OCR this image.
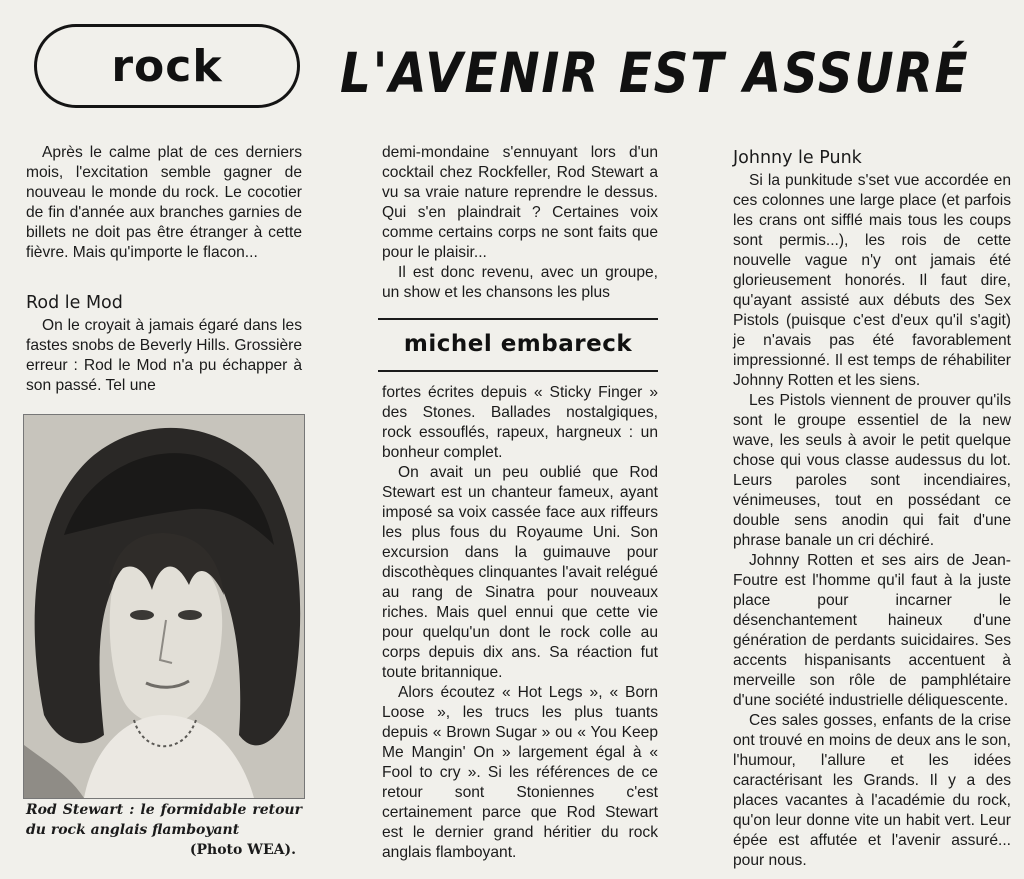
rock	L'AVENIR EST ASSURÉ

Après le calme plat de ces derniers mois, l'excitation semble gagner de nouveau le monde du rock. Le cocotier de fin d'année aux branches garnies de billets ne doit pas être étranger à cette fièvre. Mais qu'importe le flacon...

Rod le Mod

On le croyait à jamais égaré dans les fastes snobs de Beverly Hills. Grossière erreur : Rod le Mod n'a pu échapper à son passé. Tel une

Rod Stewart : le formidable retour du rock anglais flamboyant
(Photo WEA).

demi-mondaine s'ennuyant lors d'un cocktail chez Rockfeller, Rod Stewart a vu sa vraie nature reprendre le dessus. Qui s'en plaindrait ? Certaines voix comme certains corps ne sont faits que pour le plaisir...

Il est donc revenu, avec un groupe, un show et les chansons les plus

michel embareck

fortes écrites depuis « Sticky Finger » des Stones. Ballades nostalgiques, rock essouflés, rapeux, hargneux : un bonheur complet.

On avait un peu oublié que Rod Stewart est un chanteur fameux, ayant imposé sa voix cassée face aux riffeurs les plus fous du Royaume Uni. Son excursion dans la guimauve pour discothèques clinquantes l'avait relégué au rang de Sinatra pour nouveaux riches. Mais quel ennui que cette vie pour quelqu'un dont le rock colle au corps depuis dix ans. Sa réaction fut toute britannique.

Alors écoutez « Hot Legs », « Born Loose », les trucs les plus tuants depuis « Brown Sugar » ou « You Keep Me Mangin' On » largement égal à « Fool to cry ». Si les références de ce retour sont Stoniennes c'est certainement parce que Rod Stewart est le dernier grand héritier du rock anglais flamboyant.

Johnny le Punk

Si la punkitude s'set vue accordée en ces colonnes une large place (et parfois les crans ont sifflé mais tous les coups sont permis...), les rois de cette nouvelle vague n'y ont jamais été glorieusement honorés. Il faut dire, qu'ayant assisté aux débuts des Sex Pistols (puisque c'est d'eux qu'il s'agit) je n'avais pas été favorablement impressionné. Il est temps de réhabiliter Johnny Rotten et les siens.

Les Pistols viennent de prouver qu'ils sont le groupe essentiel de la new wave, les seuls à avoir le petit quelque chose qui vous classe audessus du lot. Leurs paroles sont incendiaires, vénimeuses, tout en possédant ce double sens anodin qui fait d'une phrase banale un cri déchiré.

Johnny Rotten et ses airs de Jean-Foutre est l'homme qu'il faut à la juste place pour incarner le désenchantement haineux d'une génération de perdants suicidaires. Ses accents hispanisants accentuent à merveille son rôle de pamphlétaire d'une société industrielle déliquescente.

Ces sales gosses, enfants de la crise ont trouvé en moins de deux ans le son, l'humour, l'allure et les idées caractérisant les Grands. Il y a des places vacantes à l'académie du rock, qu'on leur donne vite un habit vert. Leur épée est affutée et l'avenir assuré... pour nous.
